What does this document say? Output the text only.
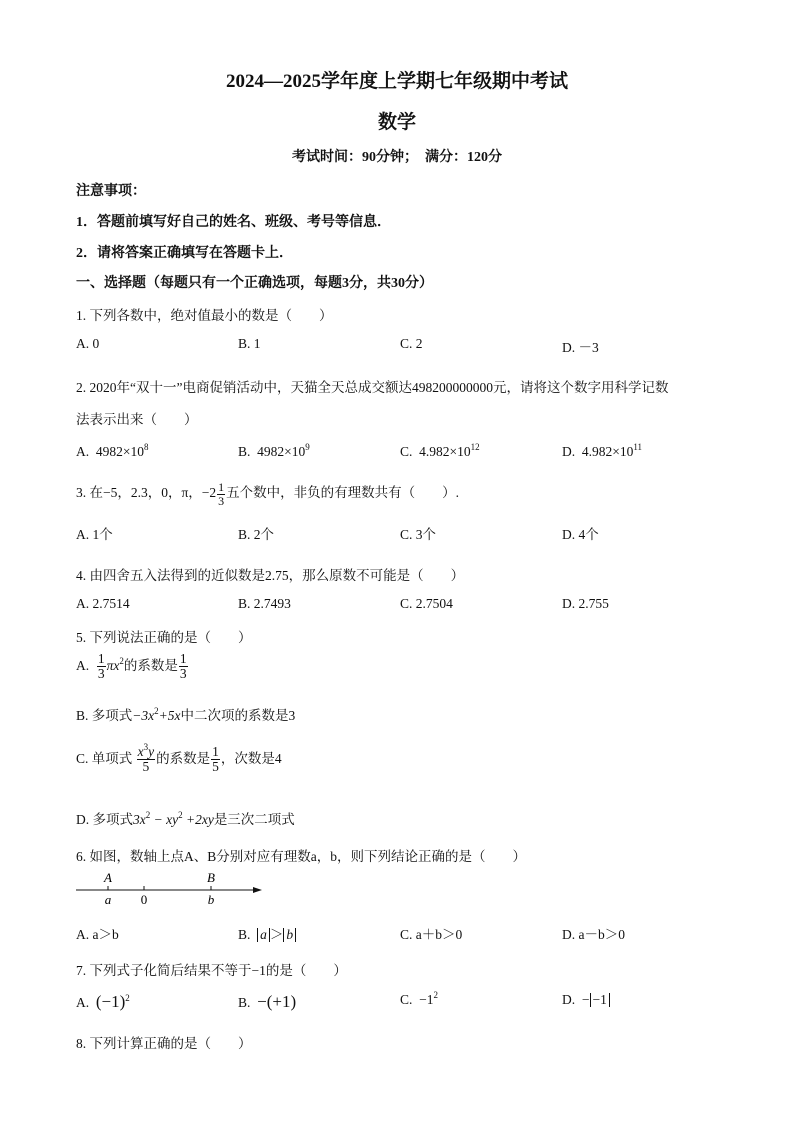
2024—2025学年度上学期七年级期中考试
数学
考试时间：90分钟；　满分：120分
注意事项：
1．答题前填写好自己的姓名、班级、考号等信息．
2．请将答案正确填写在答题卡上．
一、选择题（每题只有一个正确选项，每题3分，共30分）
1. 下列各数中，绝对值最小的数是（　　）
A. 0	B. 1	C. 2	D. －3
2. 2020年“双十一”电商促销活动中，天猫全天总成交额达498200000000元，请将这个数字用科学记数
法表示出来（　　）
A. $4982\times 10^8$	B. $4982\times 10^9$	C. $4.982\times 10^{12}$	D. $4.982\times 10^{11}$
3. 在−5，2.3，0，π，$-2 \frac{1}{3}$ 五个数中，非负的有理数共有（　　）.
A. 1个	B. 2个	C. 3个	D. 4个
4. 由四舍五入法得到的近似数是2.75，那么原数不可能是（　　）
A. 2.7514	B. 2.7493	C. 2.7504	D. 2.755
5. 下列说法正确的是（　　）
A. $\frac{1}{3} \pi x^2$的系数是 $\frac{1}{3}$
B. 多项式$-3x^2+5x$中二次项的系数是3
C. 单项式 $\frac{x^3y}{5}$ 的系数是 $\frac{1}{5}$ ，次数是4
D. 多项式$3x^2 - xy^2 +2xy$是三次二项式
6. 如图，数轴上点A、B分别对应有理数a，b，则下列结论正确的是（　　）
A
a 0
B
b
A. a＞b	B. a ＞ b	C. a＋b＞0	D. a－b＞0
7. 下列式子化简后结果不等于−1的是（　　）
A. $(-1)^2$	B. −(+1)	C. $-1^2$	D. − −1
8. 下列计算正确的是（　　）
